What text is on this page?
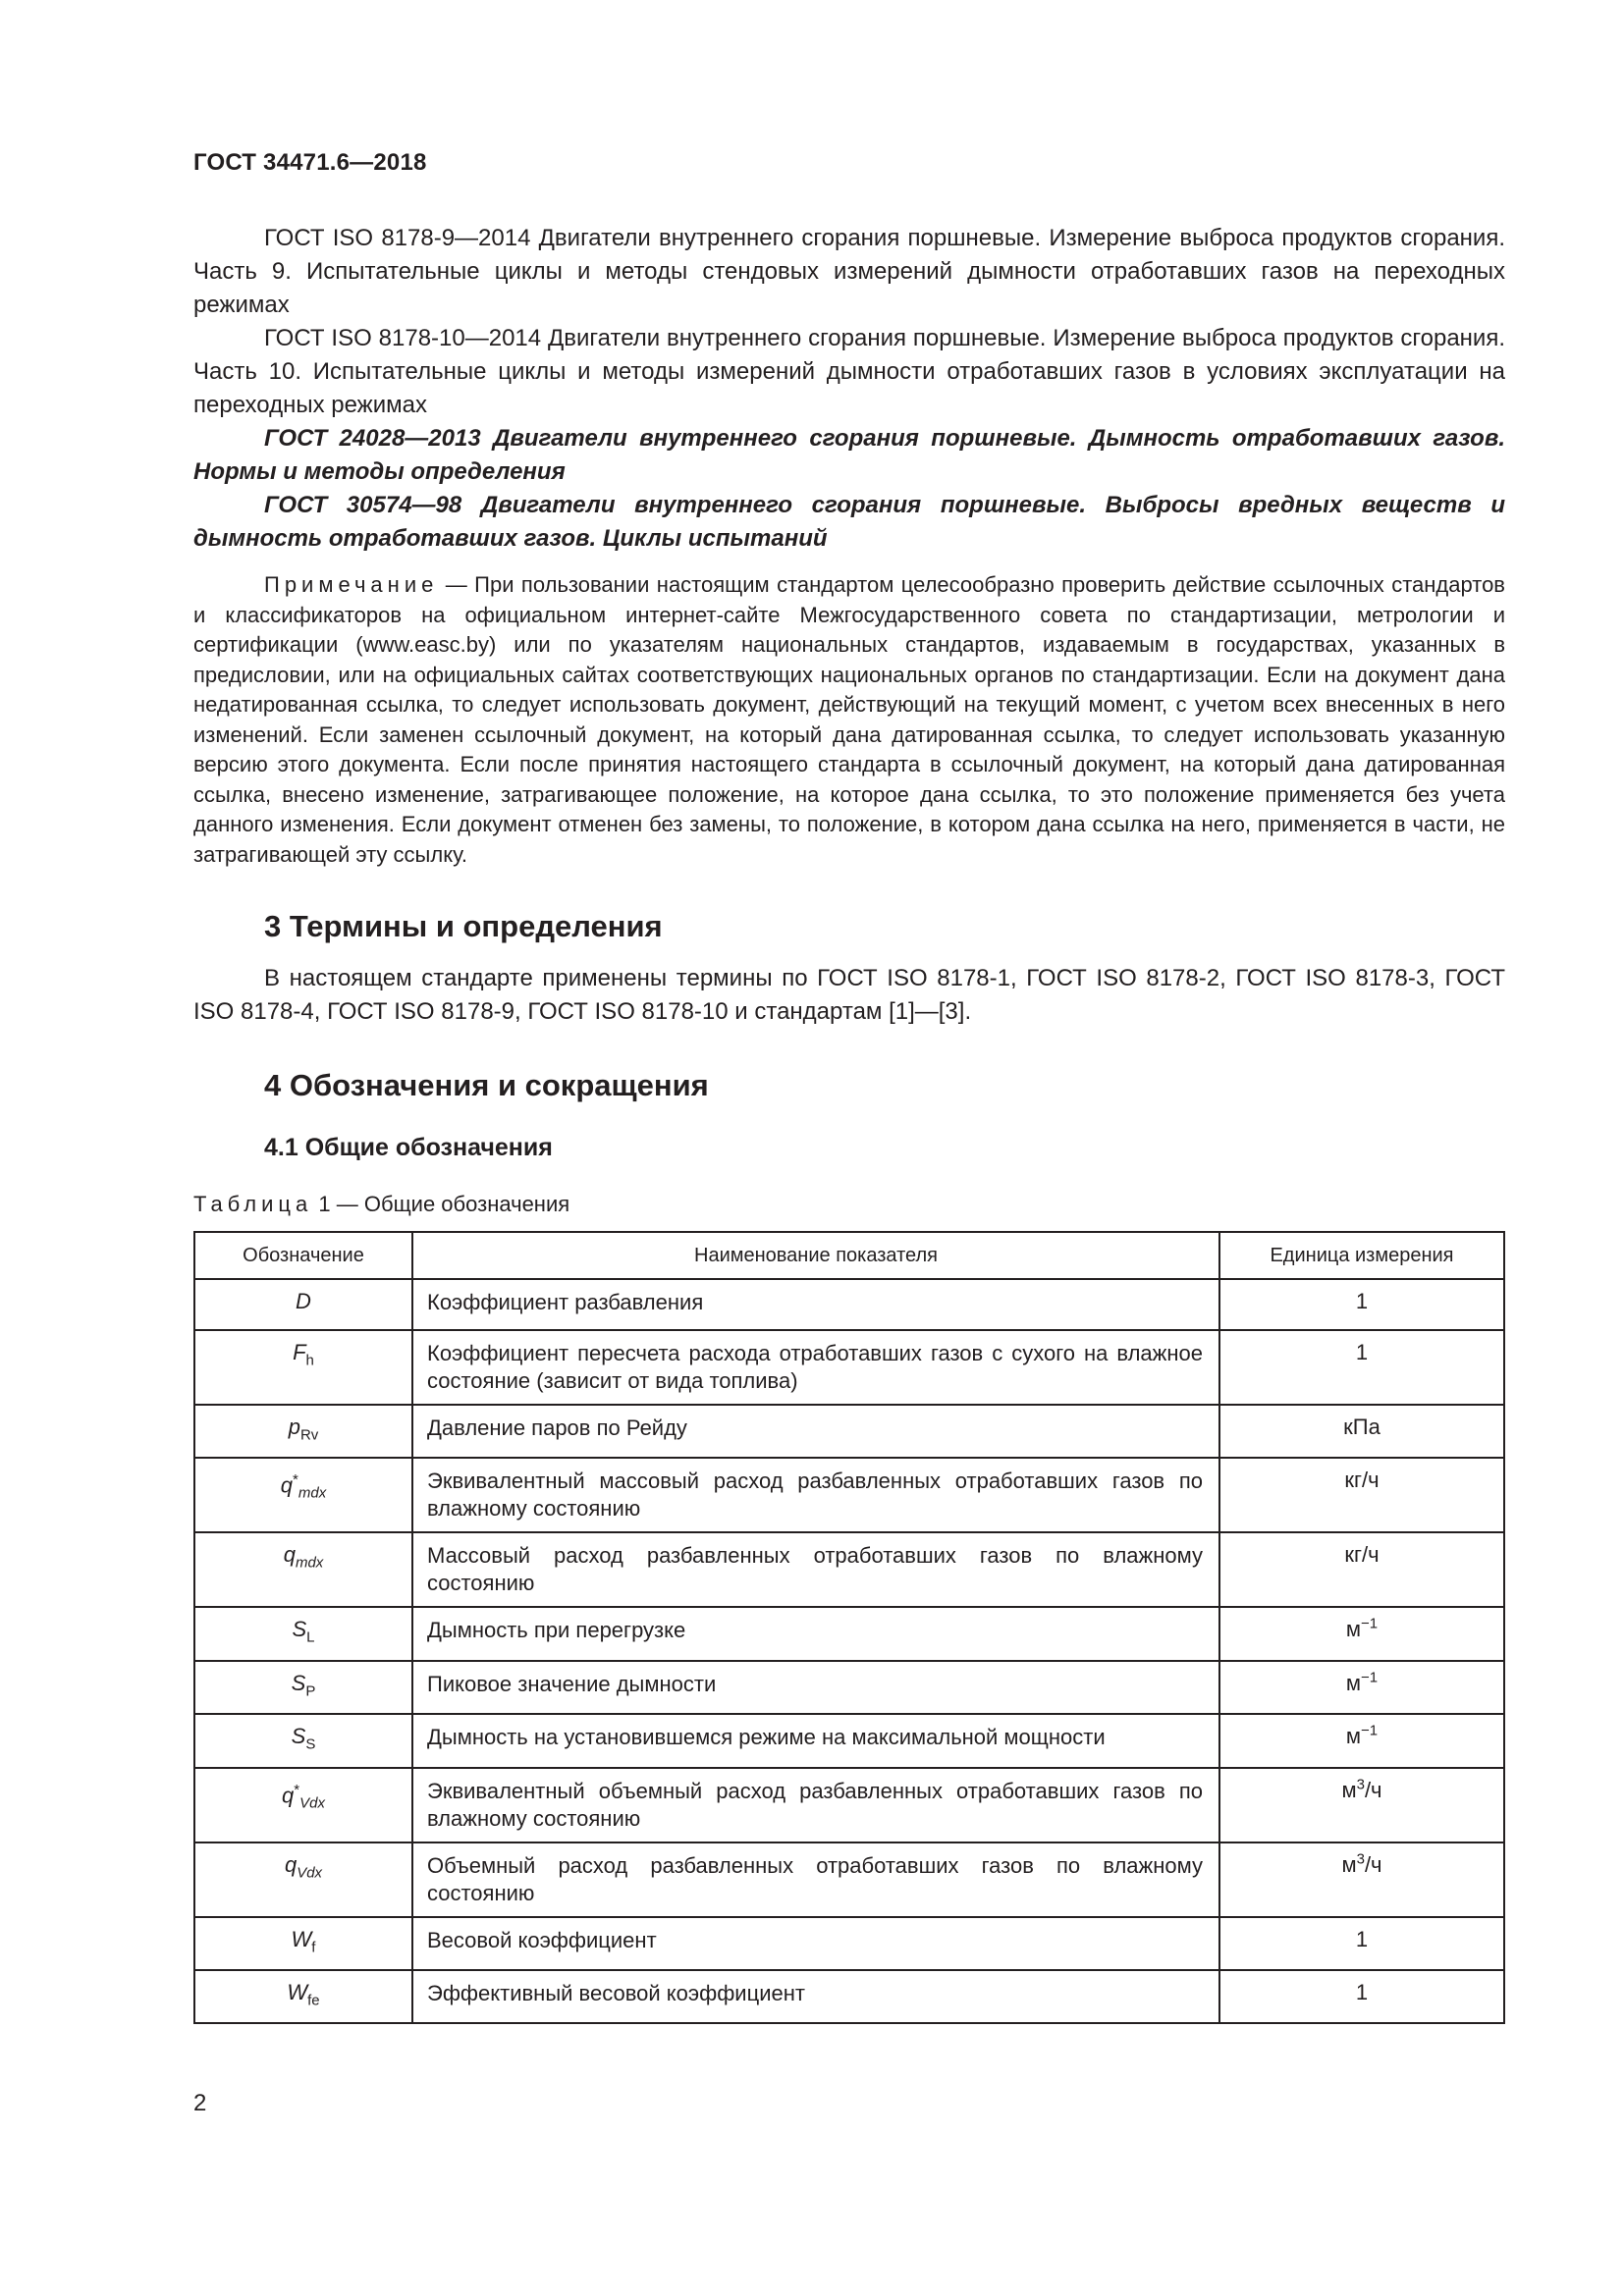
ГОСТ 34471.6—2018

ГОСТ ISO 8178-9—2014 Двигатели внутреннего сгорания поршневые. Измерение выброса продуктов сгорания. Часть 9. Испытательные циклы и методы стендовых измерений дымности отработавших газов на переходных режимах

ГОСТ ISO 8178-10—2014 Двигатели внутреннего сгорания поршневые. Измерение выброса продуктов сгорания. Часть 10. Испытательные циклы и методы измерений дымности отработавших газов в условиях эксплуатации на переходных режимах

ГОСТ 24028—2013 Двигатели внутреннего сгорания поршневые. Дымность отработавших газов. Нормы и методы определения

ГОСТ 30574—98 Двигатели внутреннего сгорания поршневые. Выбросы вредных веществ и дымность отработавших газов. Циклы испытаний

Примечание — При пользовании настоящим стандартом целесообразно проверить действие ссылочных стандартов и классификаторов на официальном интернет-сайте Межгосударственного совета по стандартизации, метрологии и сертификации (www.easc.by) или по указателям национальных стандартов, издаваемым в государствах, указанных в предисловии, или на официальных сайтах соответствующих национальных органов по стандартизации. Если на документ дана недатированная ссылка, то следует использовать документ, действующий на текущий момент, с учетом всех внесенных в него изменений. Если заменен ссылочный документ, на который дана датированная ссылка, то следует использовать указанную версию этого документа. Если после принятия настоящего стандарта в ссылочный документ, на который дана датированная ссылка, внесено изменение, затрагивающее положение, на которое дана ссылка, то это положение применяется без учета данного изменения. Если документ отменен без замены, то положение, в котором дана ссылка на него, применяется в части, не затрагивающей эту ссылку.

3 Термины и определения

В настоящем стандарте применены термины по ГОСТ ISO 8178-1, ГОСТ ISO 8178-2, ГОСТ ISO 8178-3, ГОСТ ISO 8178-4, ГОСТ ISO 8178-9, ГОСТ ISO 8178-10 и стандартам [1]—[3].

4 Обозначения и сокращения
4.1 Общие обозначения
Таблица 1 — Общие обозначения
Обозначение	Наименование показателя	Единица измерения
D	Коэффициент разбавления	1
$F_h$	Коэффициент пересчета расхода отработавших газов с сухого на влажное состояние (зависит от вида топлива)	1
$p_{Rv}$	Давление паров по Рейду	кПа
$q^*_{mdx}$	Эквивалентный массовый расход разбавленных отработавших газов по влажному состоянию	кг/ч
$q_{mdx}$	Массовый расход разбавленных отработавших газов по влажному состоянию	кг/ч
$S_L$	Дымность при перегрузке	$м^{-1}$
$S_P$	Пиковое значение дымности	$м^{-1}$
$S_S$	Дымность на установившемся режиме на максимальной мощности	$м^{-1}$
$q^*_{Vdx}$	Эквивалентный объемный расход разбавленных отработавших газов по влажному состоянию	$м^3/ч$
$q_{Vdx}$	Объемный расход разбавленных отработавших газов по влажному состоянию	$м^3/ч$
$W_f$	Весовой коэффициент	1
$W_{fe}$	Эффективный весовой коэффициент	1
2
